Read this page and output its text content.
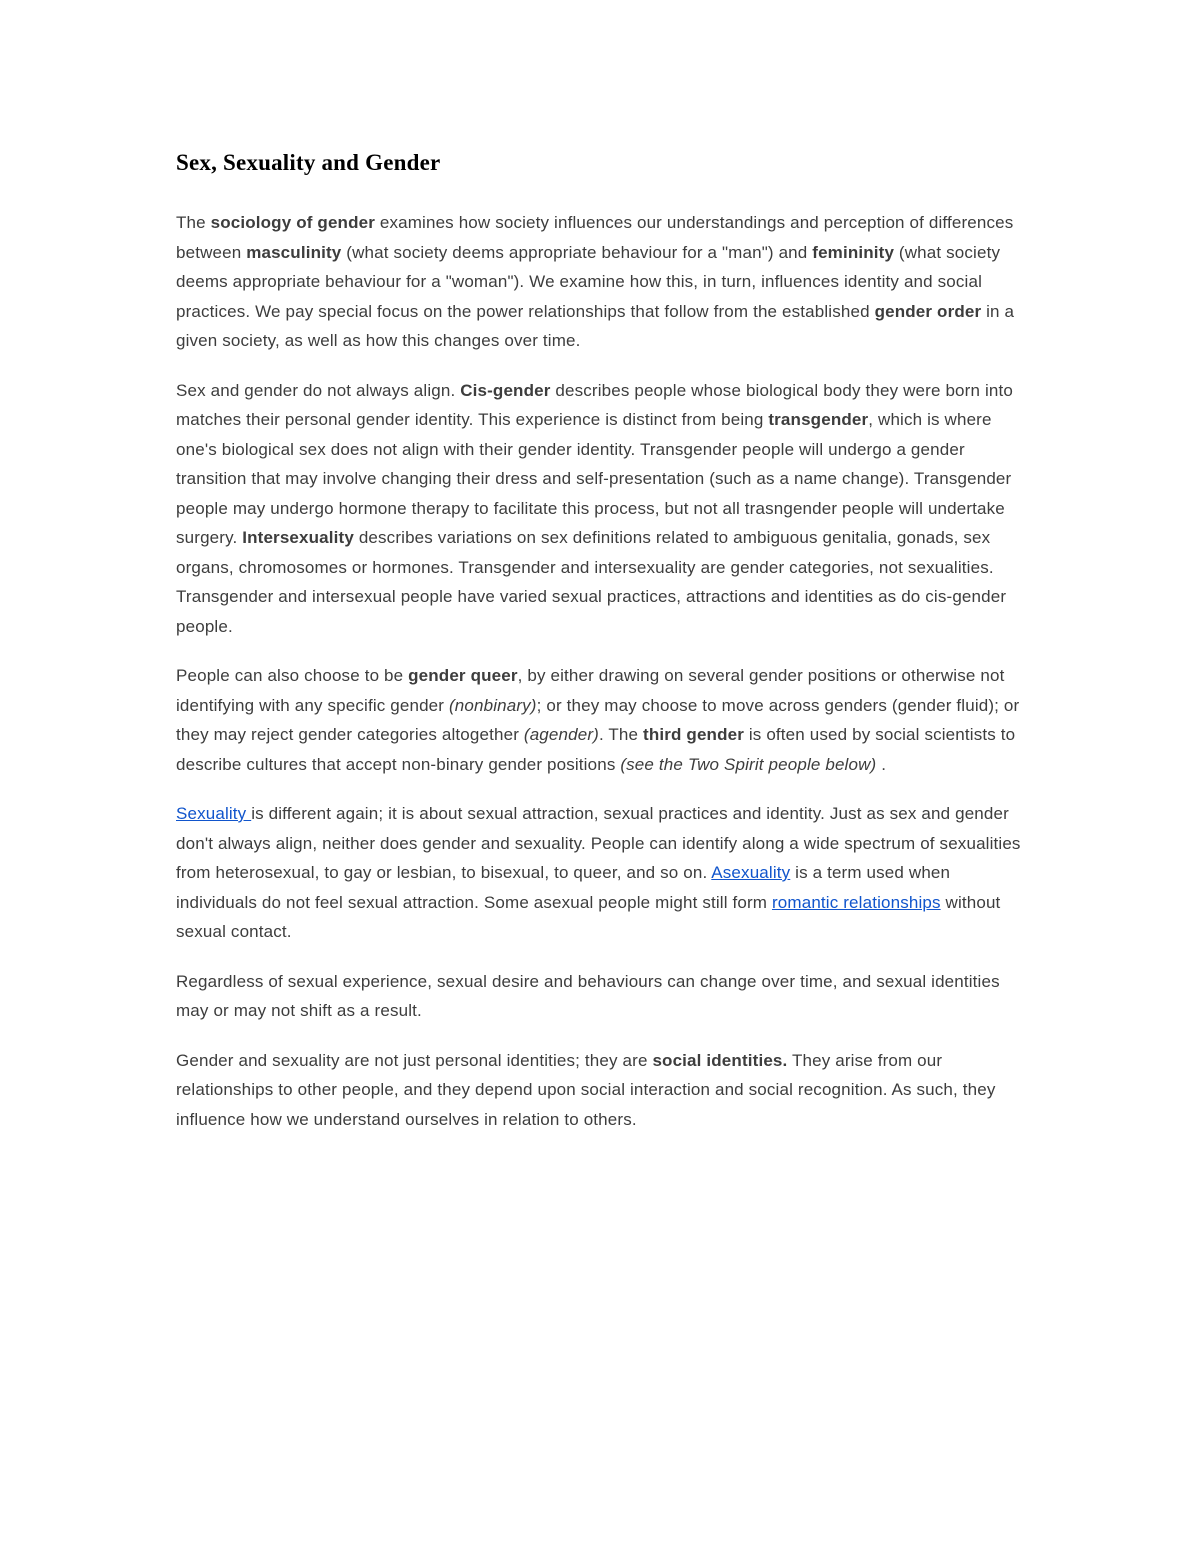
Sex, Sexuality and Gender

The sociology of gender examines how society influences our understandings and perception of differences between masculinity (what society deems appropriate behaviour for a "man") and femininity (what society deems appropriate behaviour for a "woman"). We examine how this, in turn, influences identity and social practices. We pay special focus on the power relationships that follow from the established gender order in a given society, as well as how this changes over time.

Sex and gender do not always align. Cis-gender describes people whose biological body they were born into matches their personal gender identity. This experience is distinct from being transgender, which is where one's biological sex does not align with their gender identity. Transgender people will undergo a gender transition that may involve changing their dress and self-presentation (such as a name change). Transgender people may undergo hormone therapy to facilitate this process, but not all trasngender people will undertake surgery. Intersexuality describes variations on sex definitions related to ambiguous genitalia, gonads, sex organs, chromosomes or hormones. Transgender and intersexuality are gender categories, not sexualities. Transgender and intersexual people have varied sexual practices, attractions and identities as do cis-gender people.

People can also choose to be gender queer, by either drawing on several gender positions or otherwise not identifying with any specific gender (nonbinary); or they may choose to move across genders (gender fluid); or they may reject gender categories altogether (agender). The third gender is often used by social scientists to describe cultures that accept non-binary gender positions (see the Two Spirit people below) .

Sexuality is different again; it is about sexual attraction, sexual practices and identity. Just as sex and gender don't always align, neither does gender and sexuality. People can identify along a wide spectrum of sexualities from heterosexual, to gay or lesbian, to bisexual, to queer, and so on. Asexuality is a term used when individuals do not feel sexual attraction. Some asexual people might still form romantic relationships without sexual contact.

Regardless of sexual experience, sexual desire and behaviours can change over time, and sexual identities may or may not shift as a result.

Gender and sexuality are not just personal identities; they are social identities. They arise from our relationships to other people, and they depend upon social interaction and social recognition. As such, they influence how we understand ourselves in relation to others.
